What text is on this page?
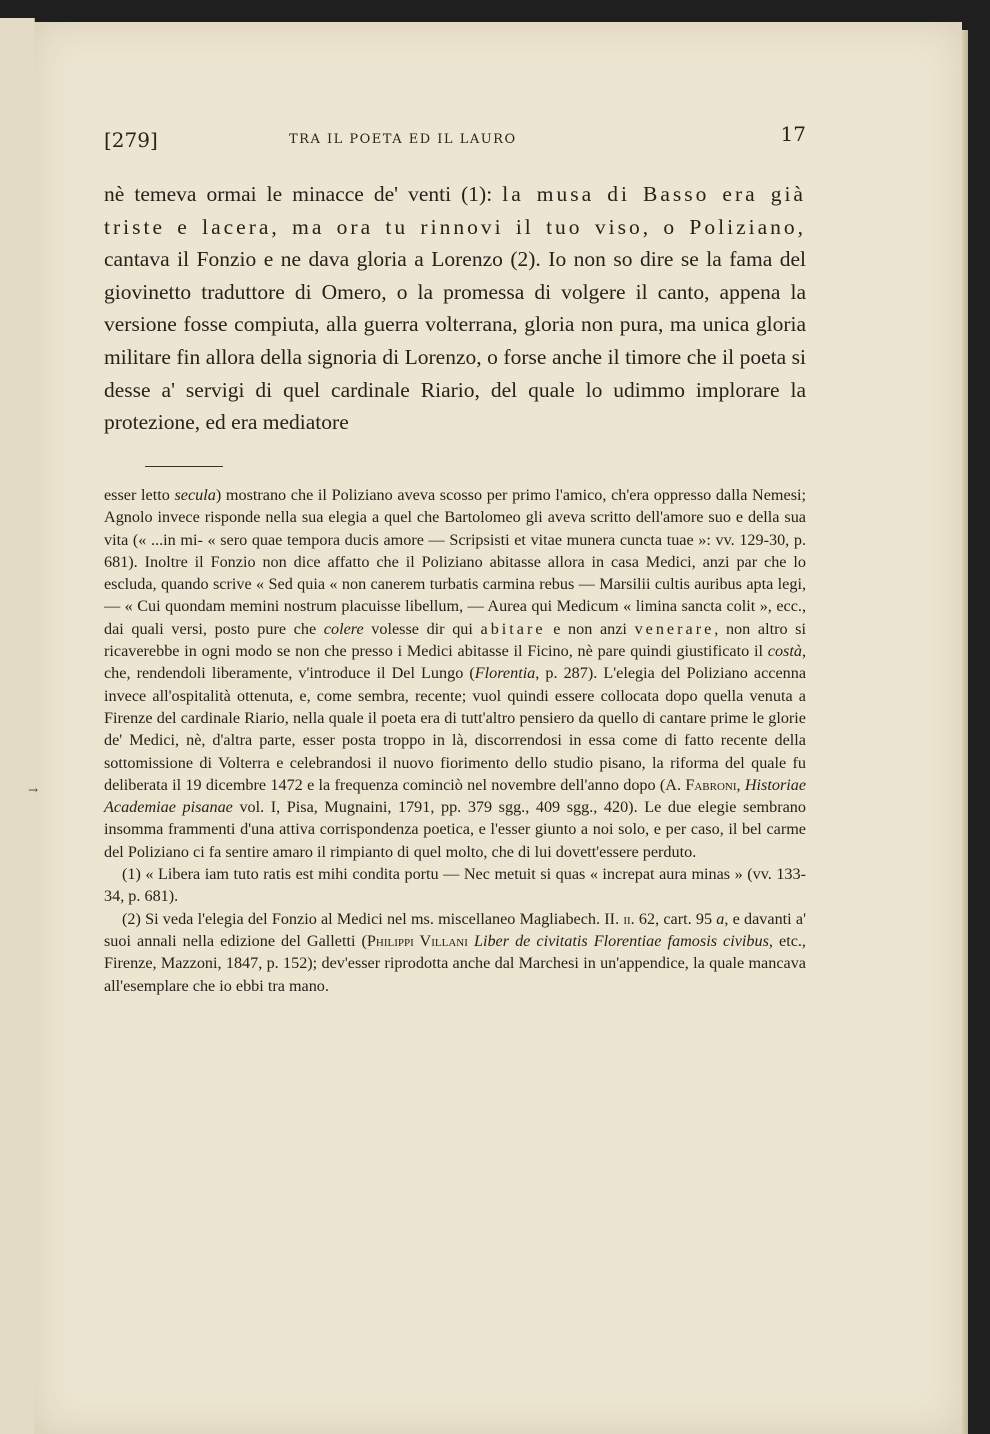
→
[279]	TRA IL POETA ED IL LAURO	17

nè temeva ormai le minacce de' venti (1): la musa di Basso era già triste e lacera, ma ora tu rinnovi il tuo viso, o Poliziano, cantava il Fonzio e ne dava gloria a Lorenzo (2). Io non so dire se la fama del giovinetto traduttore di Omero, o la promessa di volgere il canto, appena la versione fosse compiuta, alla guerra volterrana, gloria non pura, ma unica gloria militare fin allora della signoria di Lorenzo, o forse anche il timore che il poeta si desse a' servigi di quel cardinale Riario, del quale lo udimmo implorare la protezione, ed era mediatore

esser letto secula) mostrano che il Poliziano aveva scosso per primo l'amico, ch'era oppresso dalla Nemesi; Agnolo invece risponde nella sua elegia a quel che Bartolomeo gli aveva scritto dell'amore suo e della sua vita (« ...in mi- « sero quae tempora ducis amore — Scripsisti et vitae munera cuncta tuae »: vv. 129-30, p. 681). Inoltre il Fonzio non dice affatto che il Poliziano abitasse allora in casa Medici, anzi par che lo escluda, quando scrive « Sed quia « non canerem turbatis carmina rebus — Marsilii cultis auribus apta legi, — « Cui quondam memini nostrum placuisse libellum, — Aurea qui Medicum « limina sancta colit », ecc., dai quali versi, posto pure che colere volesse dir qui abitare e non anzi venerare, non altro si ricaverebbe in ogni modo se non che presso i Medici abitasse il Ficino, nè pare quindi giustificato il costà, che, rendendoli liberamente, v'introduce il Del Lungo (Florentia, p. 287). L'elegia del Poliziano accenna invece all'ospitalità ottenuta, e, come sembra, recente; vuol quindi essere collocata dopo quella venuta a Firenze del cardinale Riario, nella quale il poeta era di tutt'altro pensiero da quello di cantare prime le glorie de' Medici, nè, d'altra parte, esser posta troppo in là, discorrendosi in essa come di fatto recente della sottomissione di Volterra e celebrandosi il nuovo fiorimento dello studio pisano, la riforma del quale fu deliberata il 19 dicembre 1472 e la frequenza cominciò nel novembre dell'anno dopo (A. Fabroni, Historiae Academiae pisanae vol. I, Pisa, Mugnaini, 1791, pp. 379 sgg., 409 sgg., 420). Le due elegie sembrano insomma frammenti d'una attiva corrispondenza poetica, e l'esser giunto a noi solo, e per caso, il bel carme del Poliziano ci fa sentire amaro il rimpianto di quel molto, che di lui dovett'essere perduto.

(1) « Libera iam tuto ratis est mihi condita portu — Nec metuit si quas « increpat aura minas » (vv. 133-34, p. 681).

(2) Si veda l'elegia del Fonzio al Medici nel ms. miscellaneo Magliabech. II. ii. 62, cart. 95 a, e davanti a' suoi annali nella edizione del Galletti (Philippi Villani Liber de civitatis Florentiae famosis civibus, etc., Firenze, Mazzoni, 1847, p. 152); dev'esser riprodotta anche dal Marchesi in un'appendice, la quale mancava all'esemplare che io ebbi tra mano.
